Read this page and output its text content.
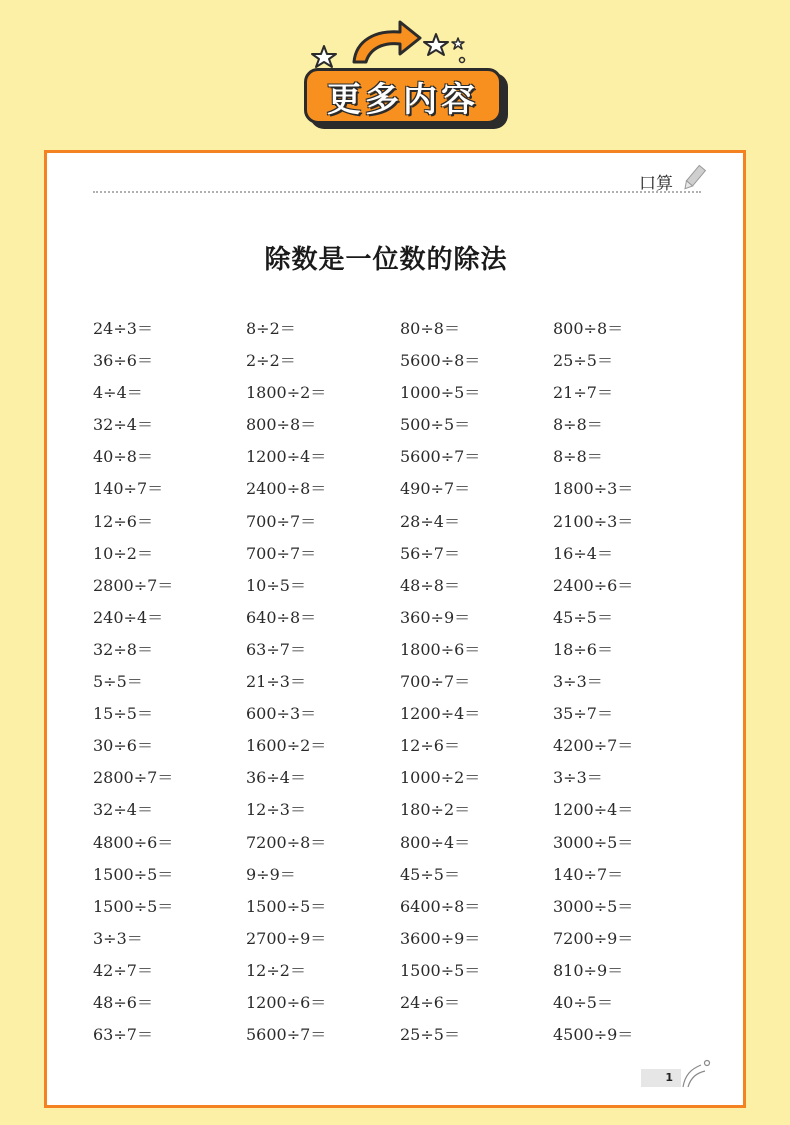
更多内容
口算
除数是一位数的除法
24÷3＝	8÷2＝	80÷8＝	800÷8＝
36÷6＝	2÷2＝	5600÷8＝	25÷5＝
4÷4＝	1800÷2＝	1000÷5＝	21÷7＝
32÷4＝	800÷8＝	500÷5＝	8÷8＝
40÷8＝	1200÷4＝	5600÷7＝	8÷8＝
140÷7＝	2400÷8＝	490÷7＝	1800÷3＝
12÷6＝	700÷7＝	28÷4＝	2100÷3＝
10÷2＝	700÷7＝	56÷7＝	16÷4＝
2800÷7＝	10÷5＝	48÷8＝	2400÷6＝
240÷4＝	640÷8＝	360÷9＝	45÷5＝
32÷8＝	63÷7＝	1800÷6＝	18÷6＝
5÷5＝	21÷3＝	700÷7＝	3÷3＝
15÷5＝	600÷3＝	1200÷4＝	35÷7＝
30÷6＝	1600÷2＝	12÷6＝	4200÷7＝
2800÷7＝	36÷4＝	1000÷2＝	3÷3＝
32÷4＝	12÷3＝	180÷2＝	1200÷4＝
4800÷6＝	7200÷8＝	800÷4＝	3000÷5＝
1500÷5＝	9÷9＝	45÷5＝	140÷7＝
1500÷5＝	1500÷5＝	6400÷8＝	3000÷5＝
3÷3＝	2700÷9＝	3600÷9＝	7200÷9＝
42÷7＝	12÷2＝	1500÷5＝	810÷9＝
48÷6＝	1200÷6＝	24÷6＝	40÷5＝
63÷7＝	5600÷7＝	25÷5＝	4500÷9＝
1
